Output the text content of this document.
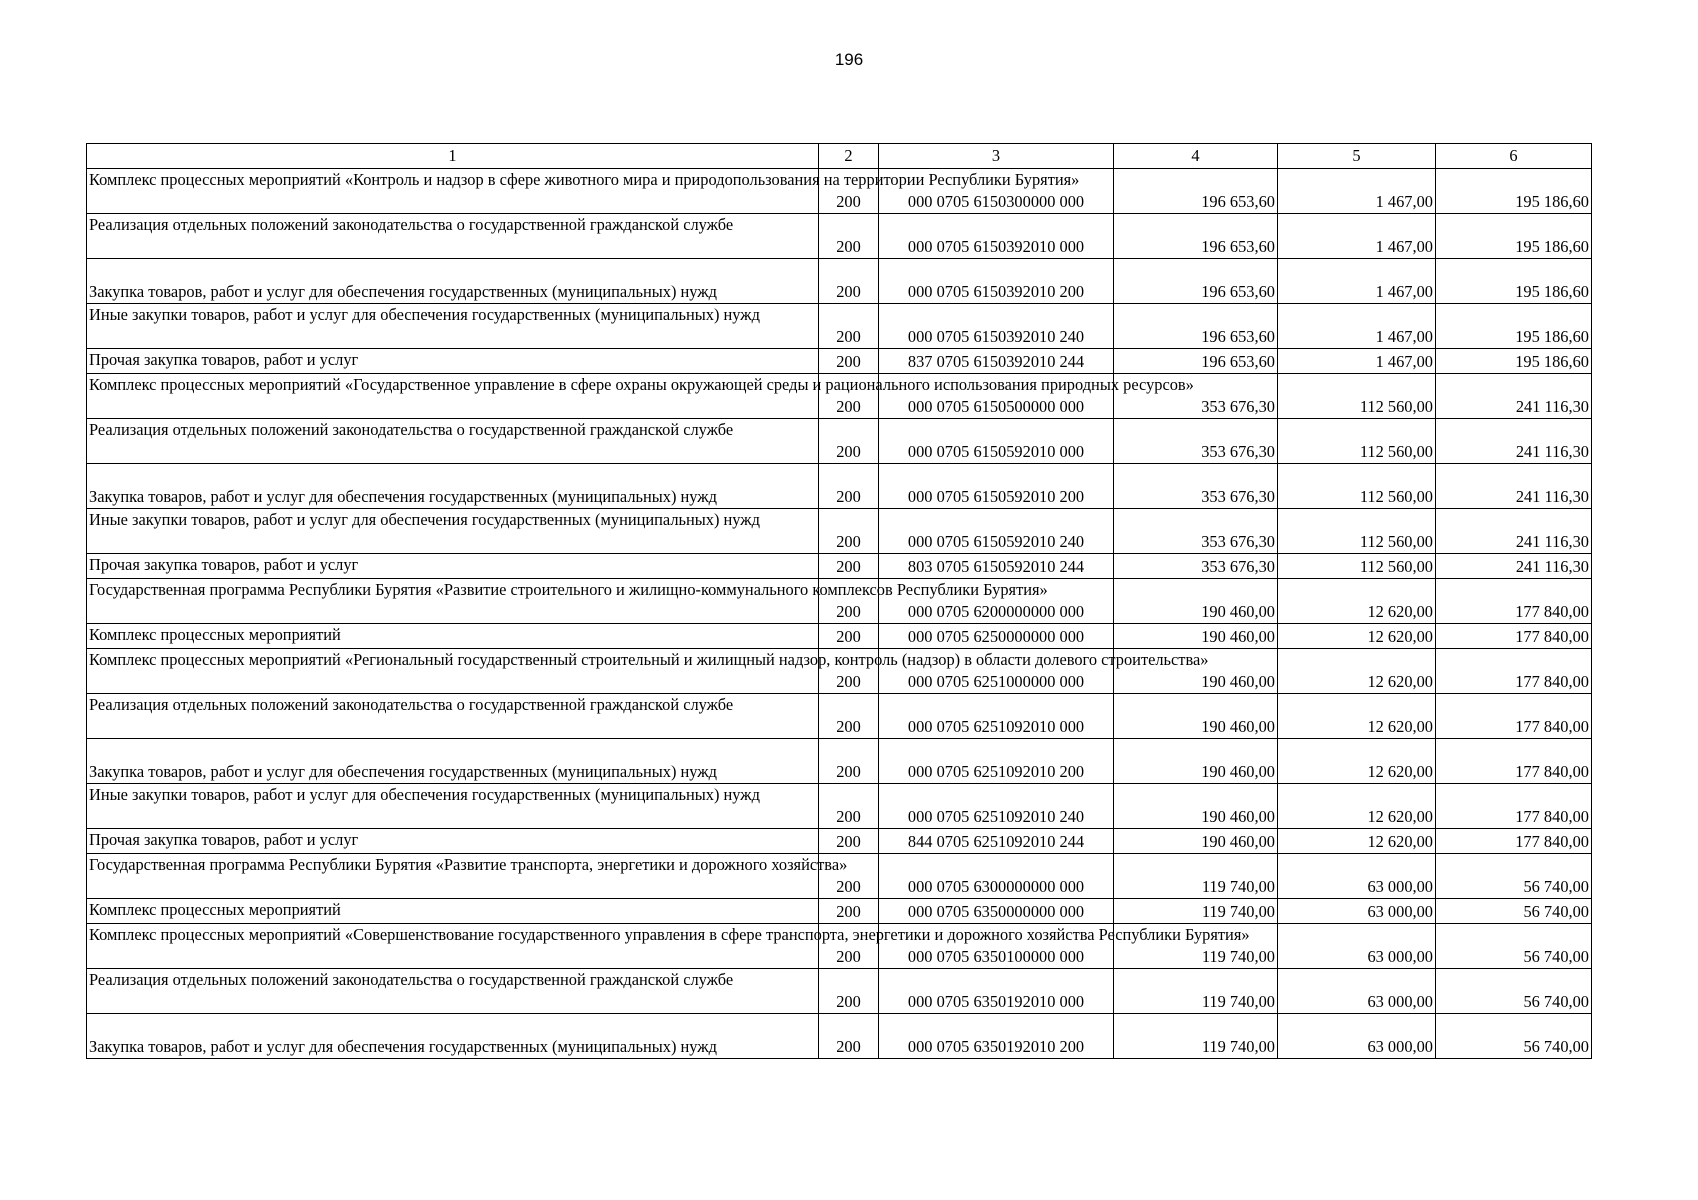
196
1	2	3	4	5	6
Комплекс процессных мероприятий «Контроль и надзор в сфере животного мира и природопользования на территории Республики Бурятия»	200	000 0705 6150300000 000	196 653,60	1 467,00	195 186,60
Реализация отдельных положений законодательства о государственной гражданской службе	200	000 0705 6150392010 000	196 653,60	1 467,00	195 186,60
Закупка товаров, работ и услуг для обеспечения государственных (муниципальных) нужд	200	000 0705 6150392010 200	196 653,60	1 467,00	195 186,60
Иные закупки товаров, работ и услуг для обеспечения государственных (муниципальных) нужд	200	000 0705 6150392010 240	196 653,60	1 467,00	195 186,60
Прочая закупка товаров, работ и услуг	200	837 0705 6150392010 244	196 653,60	1 467,00	195 186,60
Комплекс процессных мероприятий «Государственное управление в сфере охраны окружающей среды и рационального использования природных ресурсов»	200	000 0705 6150500000 000	353 676,30	112 560,00	241 116,30
Реализация отдельных положений законодательства о государственной гражданской службе	200	000 0705 6150592010 000	353 676,30	112 560,00	241 116,30
Закупка товаров, работ и услуг для обеспечения государственных (муниципальных) нужд	200	000 0705 6150592010 200	353 676,30	112 560,00	241 116,30
Иные закупки товаров, работ и услуг для обеспечения государственных (муниципальных) нужд	200	000 0705 6150592010 240	353 676,30	112 560,00	241 116,30
Прочая закупка товаров, работ и услуг	200	803 0705 6150592010 244	353 676,30	112 560,00	241 116,30
Государственная программа Республики Бурятия «Развитие строительного и жилищно-коммунального комплексов Республики Бурятия»	200	000 0705 6200000000 000	190 460,00	12 620,00	177 840,00
Комплекс процессных мероприятий	200	000 0705 6250000000 000	190 460,00	12 620,00	177 840,00
Комплекс процессных мероприятий «Региональный государственный строительный и жилищный надзор, контроль (надзор) в области долевого строительства»	200	000 0705 6251000000 000	190 460,00	12 620,00	177 840,00
Реализация отдельных положений законодательства о государственной гражданской службе	200	000 0705 6251092010 000	190 460,00	12 620,00	177 840,00
Закупка товаров, работ и услуг для обеспечения государственных (муниципальных) нужд	200	000 0705 6251092010 200	190 460,00	12 620,00	177 840,00
Иные закупки товаров, работ и услуг для обеспечения государственных (муниципальных) нужд	200	000 0705 6251092010 240	190 460,00	12 620,00	177 840,00
Прочая закупка товаров, работ и услуг	200	844 0705 6251092010 244	190 460,00	12 620,00	177 840,00
Государственная программа Республики Бурятия «Развитие транспорта, энергетики и дорожного хозяйства»	200	000 0705 6300000000 000	119 740,00	63 000,00	56 740,00
Комплекс процессных мероприятий	200	000 0705 6350000000 000	119 740,00	63 000,00	56 740,00
Комплекс процессных мероприятий «Совершенствование государственного управления в сфере транспорта, энергетики и дорожного хозяйства Республики Бурятия»	200	000 0705 6350100000 000	119 740,00	63 000,00	56 740,00
Реализация отдельных положений законодательства о государственной гражданской службе	200	000 0705 6350192010 000	119 740,00	63 000,00	56 740,00
Закупка товаров, работ и услуг для обеспечения государственных (муниципальных) нужд	200	000 0705 6350192010 200	119 740,00	63 000,00	56 740,00
